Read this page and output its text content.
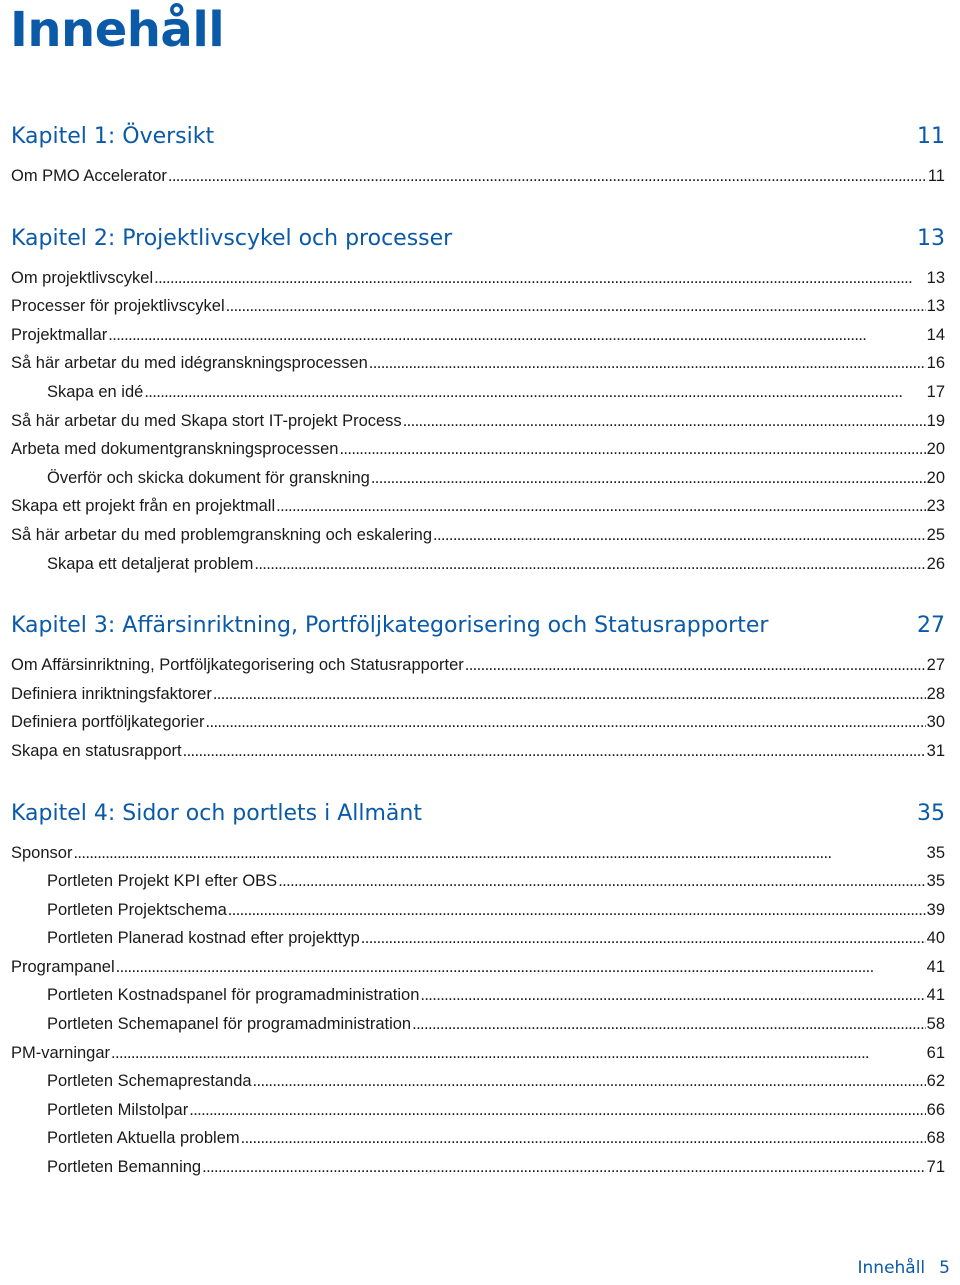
Innehåll
Kapitel 1: Översikt	11
Om PMO Accelerator . . .	11
Kapitel 2: Projektlivscykel och processer	13
Om projektlivscykel . . .	13
Processer för projektlivscykel . . .	13
Projektmallar . . .	14
Så här arbetar du med idégranskningsprocessen . . .	16
Skapa en idé . . .	17
Så här arbetar du med Skapa stort IT-projekt Process . . .	19
Arbeta med dokumentgranskningsprocessen . . .	20
Överför och skicka dokument för granskning . . .	20
Skapa ett projekt från en projektmall . . .	23
Så här arbetar du med problemgranskning och eskalering . . .	25
Skapa ett detaljerat problem . . .	26
Kapitel 3: Affärsinriktning, Portföljkategorisering och Statusrapporter	27
Om Affärsinriktning, Portföljkategorisering och Statusrapporter . . .	27
Definiera inriktningsfaktorer . . .	28
Definiera portföljkategorier . . .	30
Skapa en statusrapport . . .	31
Kapitel 4: Sidor och portlets i Allmänt	35
Sponsor . . .	35
Portleten Projekt KPI efter OBS . . .	35
Portleten Projektschema . . .	39
Portleten Planerad kostnad efter projekttyp . . .	40
Programpanel . . .	41
Portleten Kostnadspanel för programadministration . . .	41
Portleten Schemapanel för programadministration . . .	58
PM-varningar . . .	61
Portleten Schemaprestanda . . .	62
Portleten Milstolpar . . .	66
Portleten Aktuella problem . . .	68
Portleten Bemanning . . .	71
Innehåll 5
